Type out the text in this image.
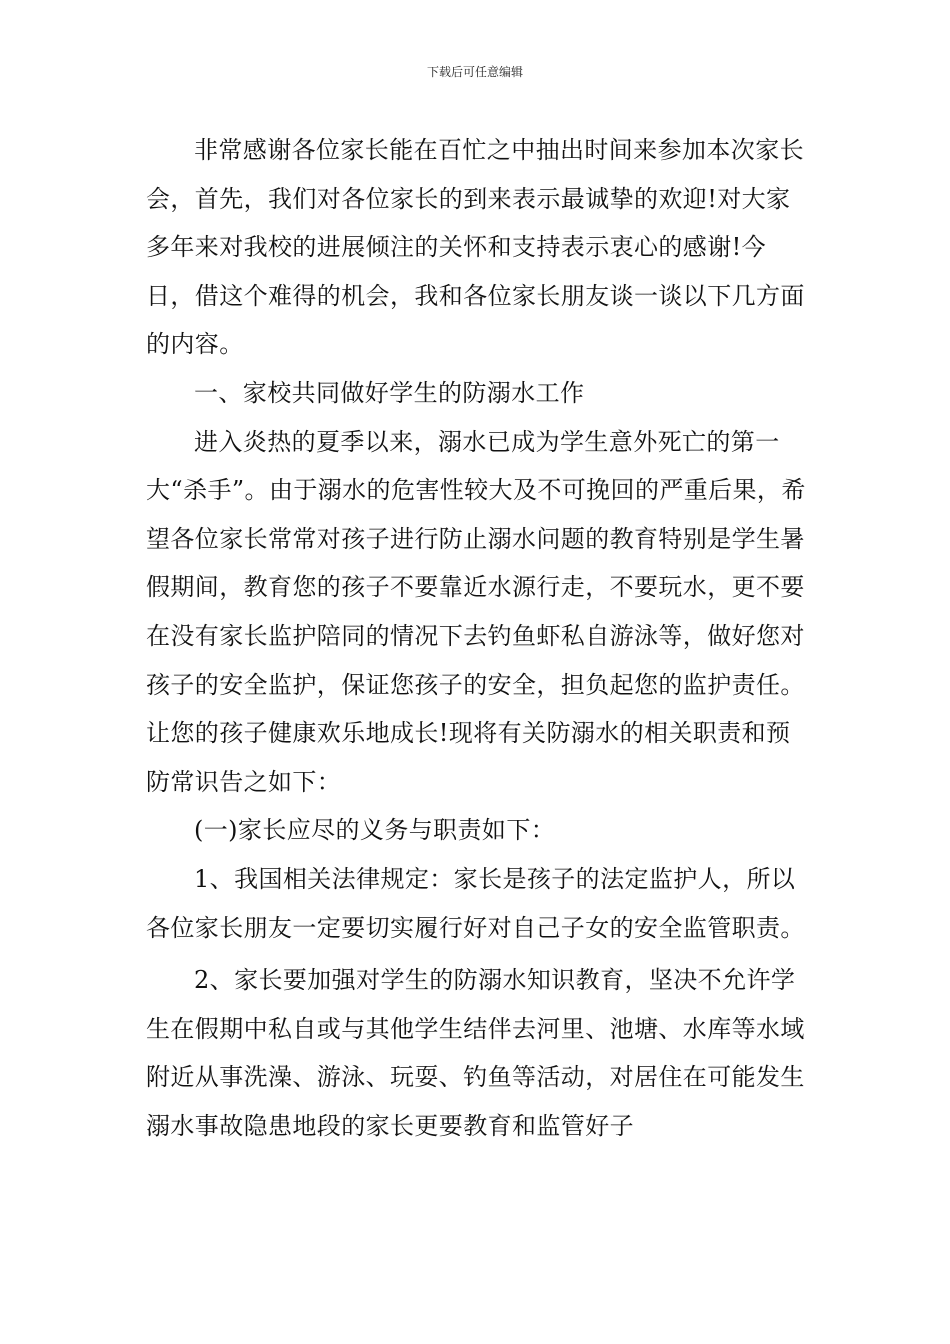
下载后可任意编辑

非常感谢各位家长能在百忙之中抽出时间来参加本次家长会，首先，我们对各位家长的到来表示最诚挚的欢迎!对大家多年来对我校的进展倾注的关怀和支持表示衷心的感谢!今日，借这个难得的机会，我和各位家长朋友谈一谈以下几方面的内容。

一、家校共同做好学生的防溺水工作

进入炎热的夏季以来，溺水已成为学生意外死亡的第一大“杀手”。由于溺水的危害性较大及不可挽回的严重后果，希望各位家长常常对孩子进行防止溺水问题的教育特别是学生暑假期间，教育您的孩子不要靠近水源行走，不要玩水，更不要在没有家长监护陪同的情况下去钓鱼虾私自游泳等，做好您对孩子的安全监护，保证您孩子的安全，担负起您的监护责任。让您的孩子健康欢乐地成长!现将有关防溺水的相关职责和预防常识告之如下：

(一)家长应尽的义务与职责如下：

1、我国相关法律规定：家长是孩子的法定监护人，所以各位家长朋友一定要切实履行好对自己子女的安全监管职责。

2、家长要加强对学生的防溺水知识教育，坚决不允许学生在假期中私自或与其他学生结伴去河里、池塘、水库等水域附近从事洗澡、游泳、玩耍、钓鱼等活动，对居住在可能发生溺水事故隐患地段的家长更要教育和监管好子
